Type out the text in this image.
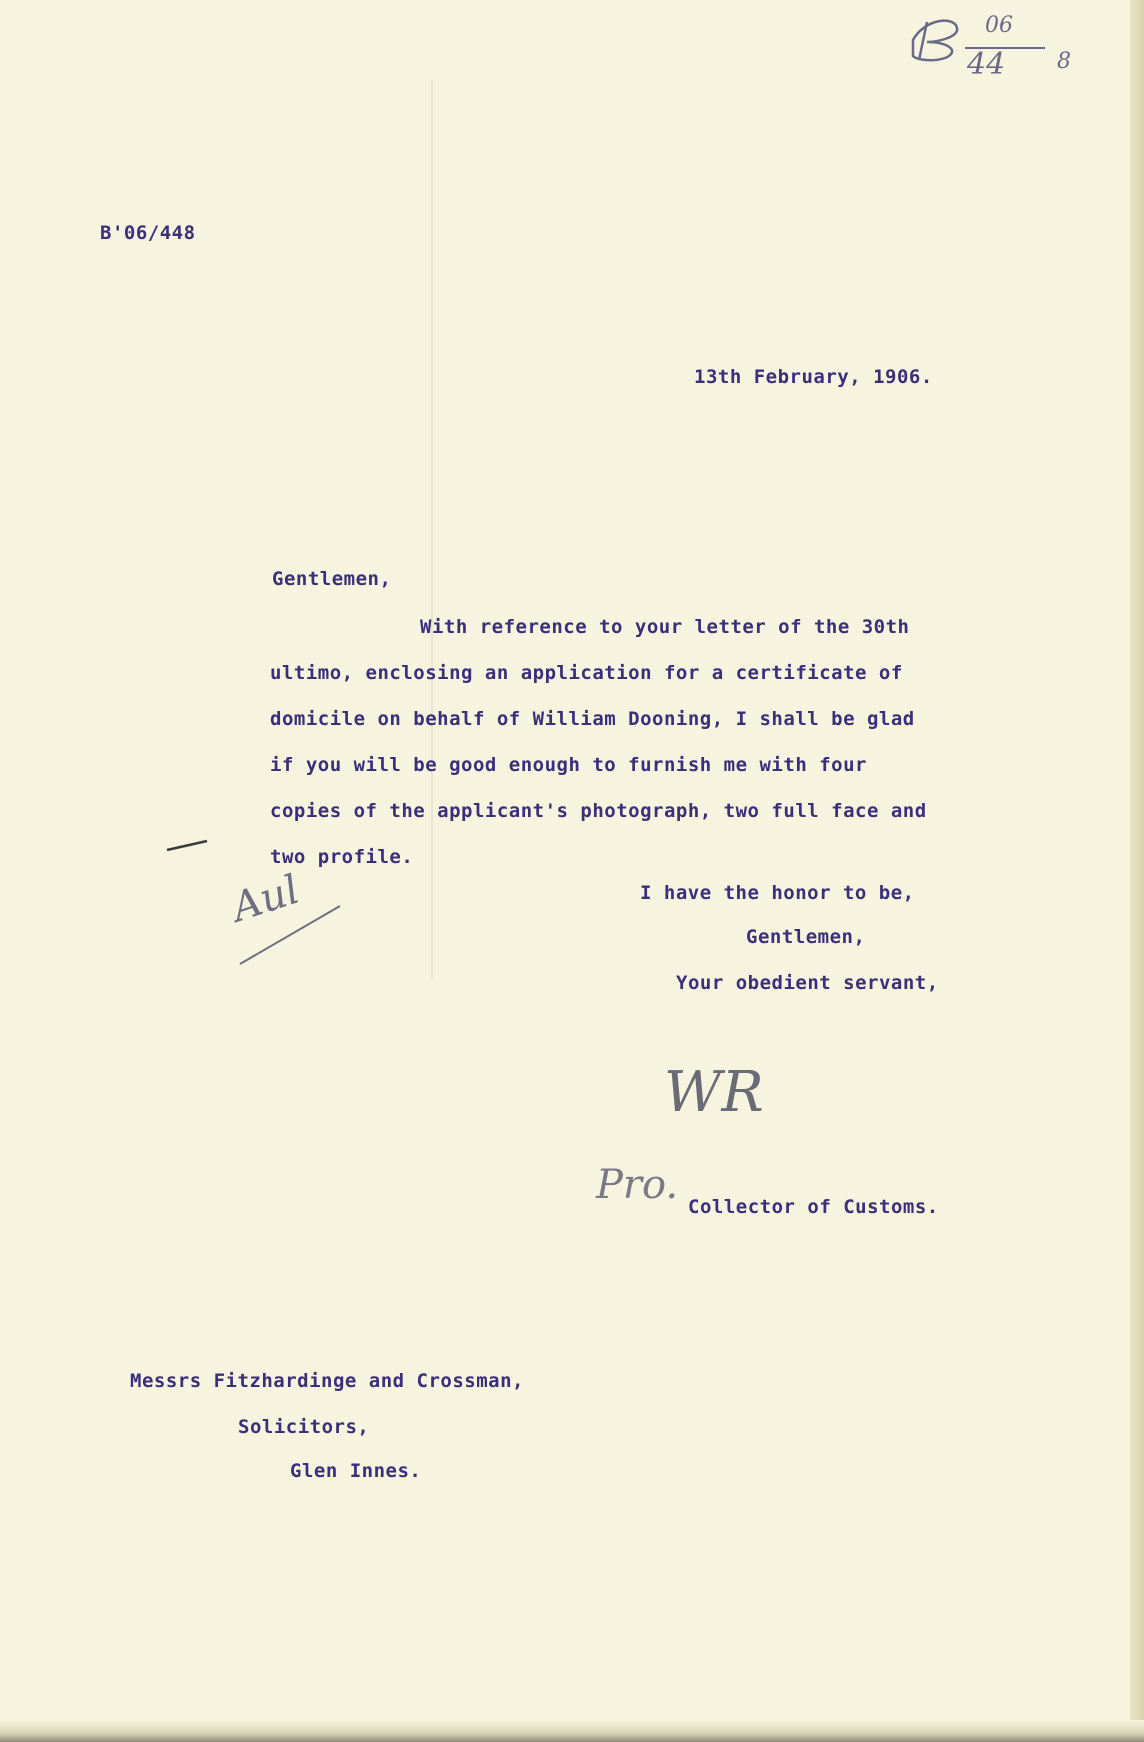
06
44 8
B'06/448
13th February, 1906.
Gentlemen,
With reference to your letter of the 30th
ultimo, enclosing an application for a certificate of
domicile on behalf of William Dooning, I shall be glad
if you will be good enough to furnish me with four
copies of the applicant's photograph, two full face and
two profile.
Aul	I have the honor to be,
Gentlemen,
Your obedient servant,
WR
Pro. Collector of Customs.
Messrs Fitzhardinge and Crossman,
Solicitors,
Glen Innes.
